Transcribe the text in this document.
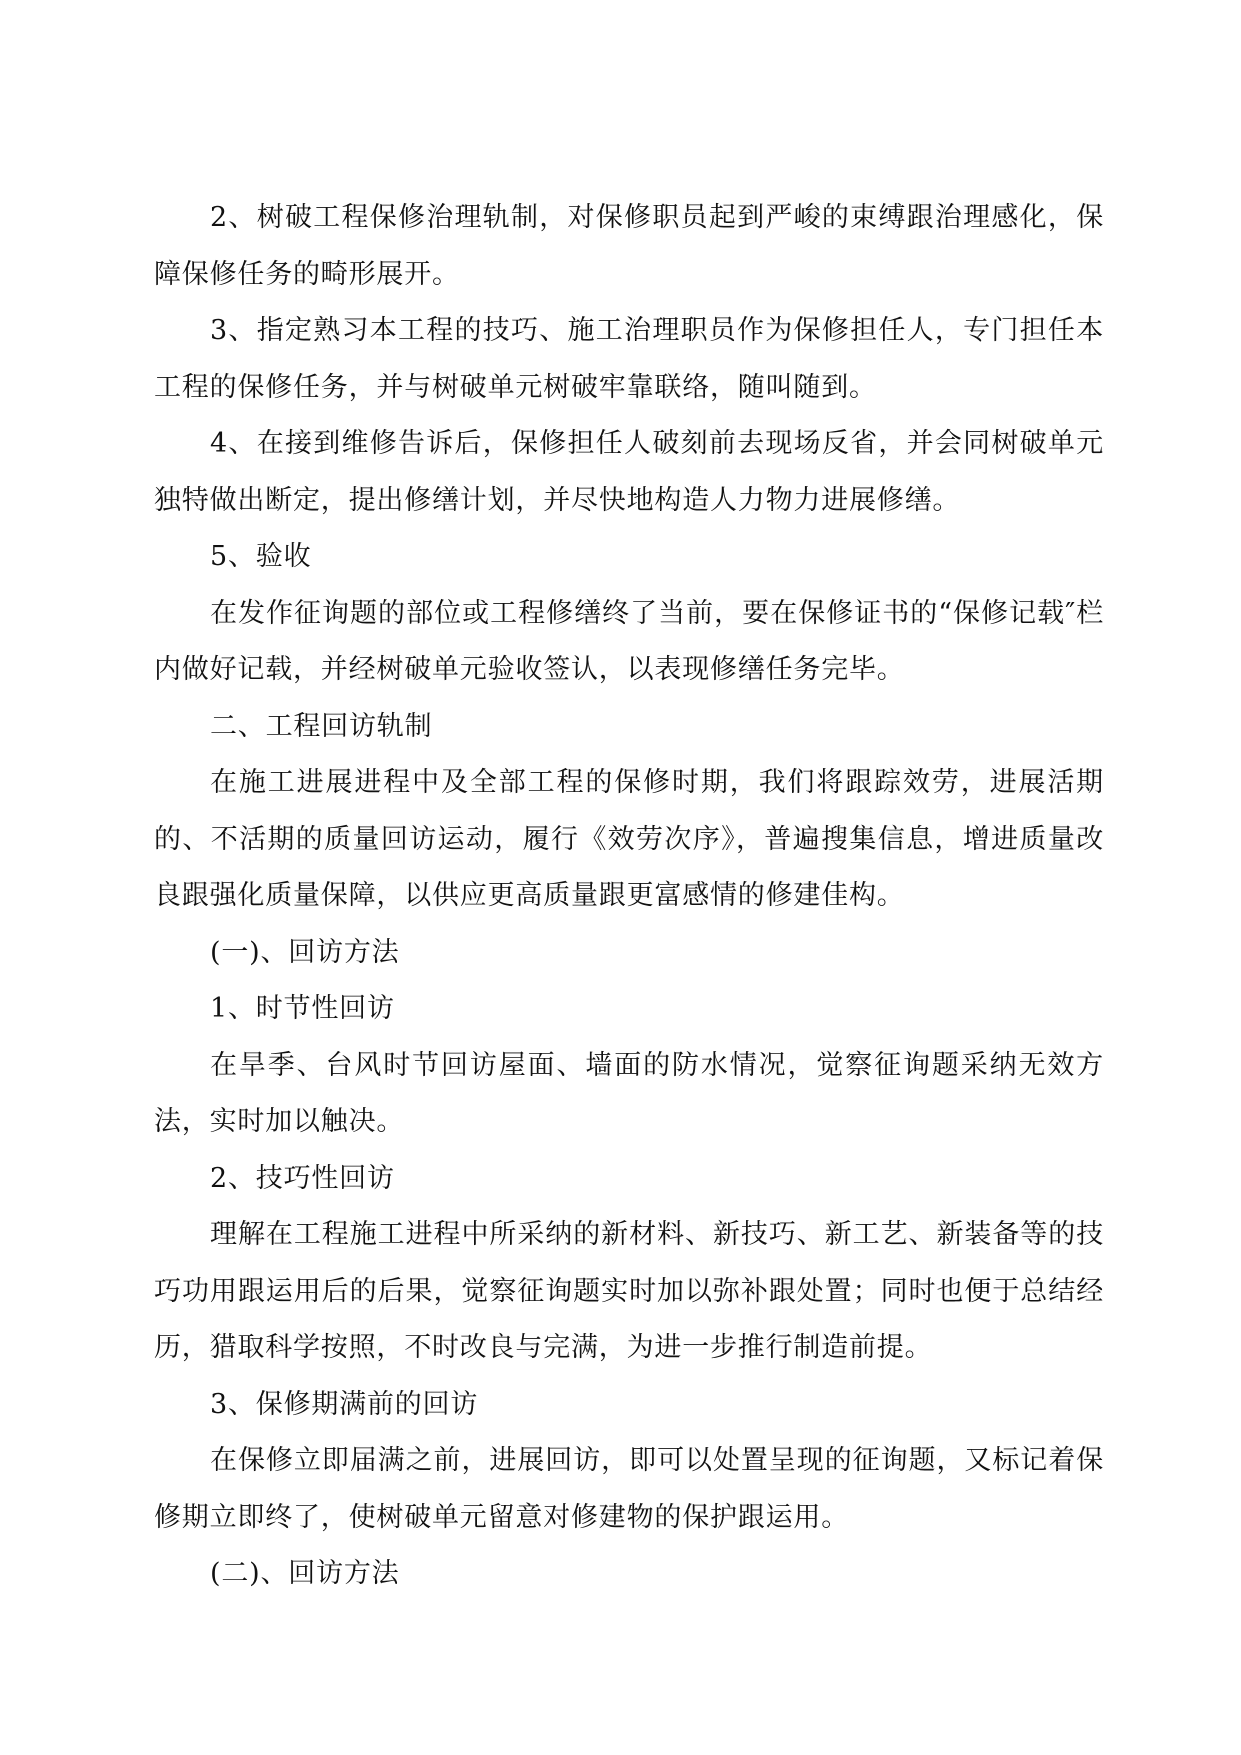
2、树破工程保修治理轨制，对保修职员起到严峻的束缚跟治理感化，保障保修任务的畸形展开。

3、指定熟习本工程的技巧、施工治理职员作为保修担任人，专门担任本工程的保修任务，并与树破单元树破牢靠联络，随叫随到。

4、在接到维修告诉后，保修担任人破刻前去现场反省，并会同树破单元独特做出断定，提出修缮计划，并尽快地构造人力物力进展修缮。

5、验收

在发作征询题的部位或工程修缮终了当前，要在保修证书的“保修记载″栏内做好记载，并经树破单元验收签认，以表现修缮任务完毕。

二、工程回访轨制

在施工进展进程中及全部工程的保修时期，我们将跟踪效劳，进展活期的、不活期的质量回访运动，履行《效劳次序》，普遍搜集信息，增进质量改良跟强化质量保障，以供应更高质量跟更富感情的修建佳构。

(一)、回访方法

1、时节性回访

在旱季、台风时节回访屋面、墙面的防水情况，觉察征询题采纳无效方法，实时加以触决。

2、技巧性回访

理解在工程施工进程中所采纳的新材料、新技巧、新工艺、新装备等的技巧功用跟运用后的后果，觉察征询题实时加以弥补跟处置；同时也便于总结经历，猎取科学按照，不时改良与完满，为进一步推行制造前提。

3、保修期满前的回访

在保修立即届满之前，进展回访，即可以处置呈现的征询题，又标记着保修期立即终了，使树破单元留意对修建物的保护跟运用。

(二)、回访方法
